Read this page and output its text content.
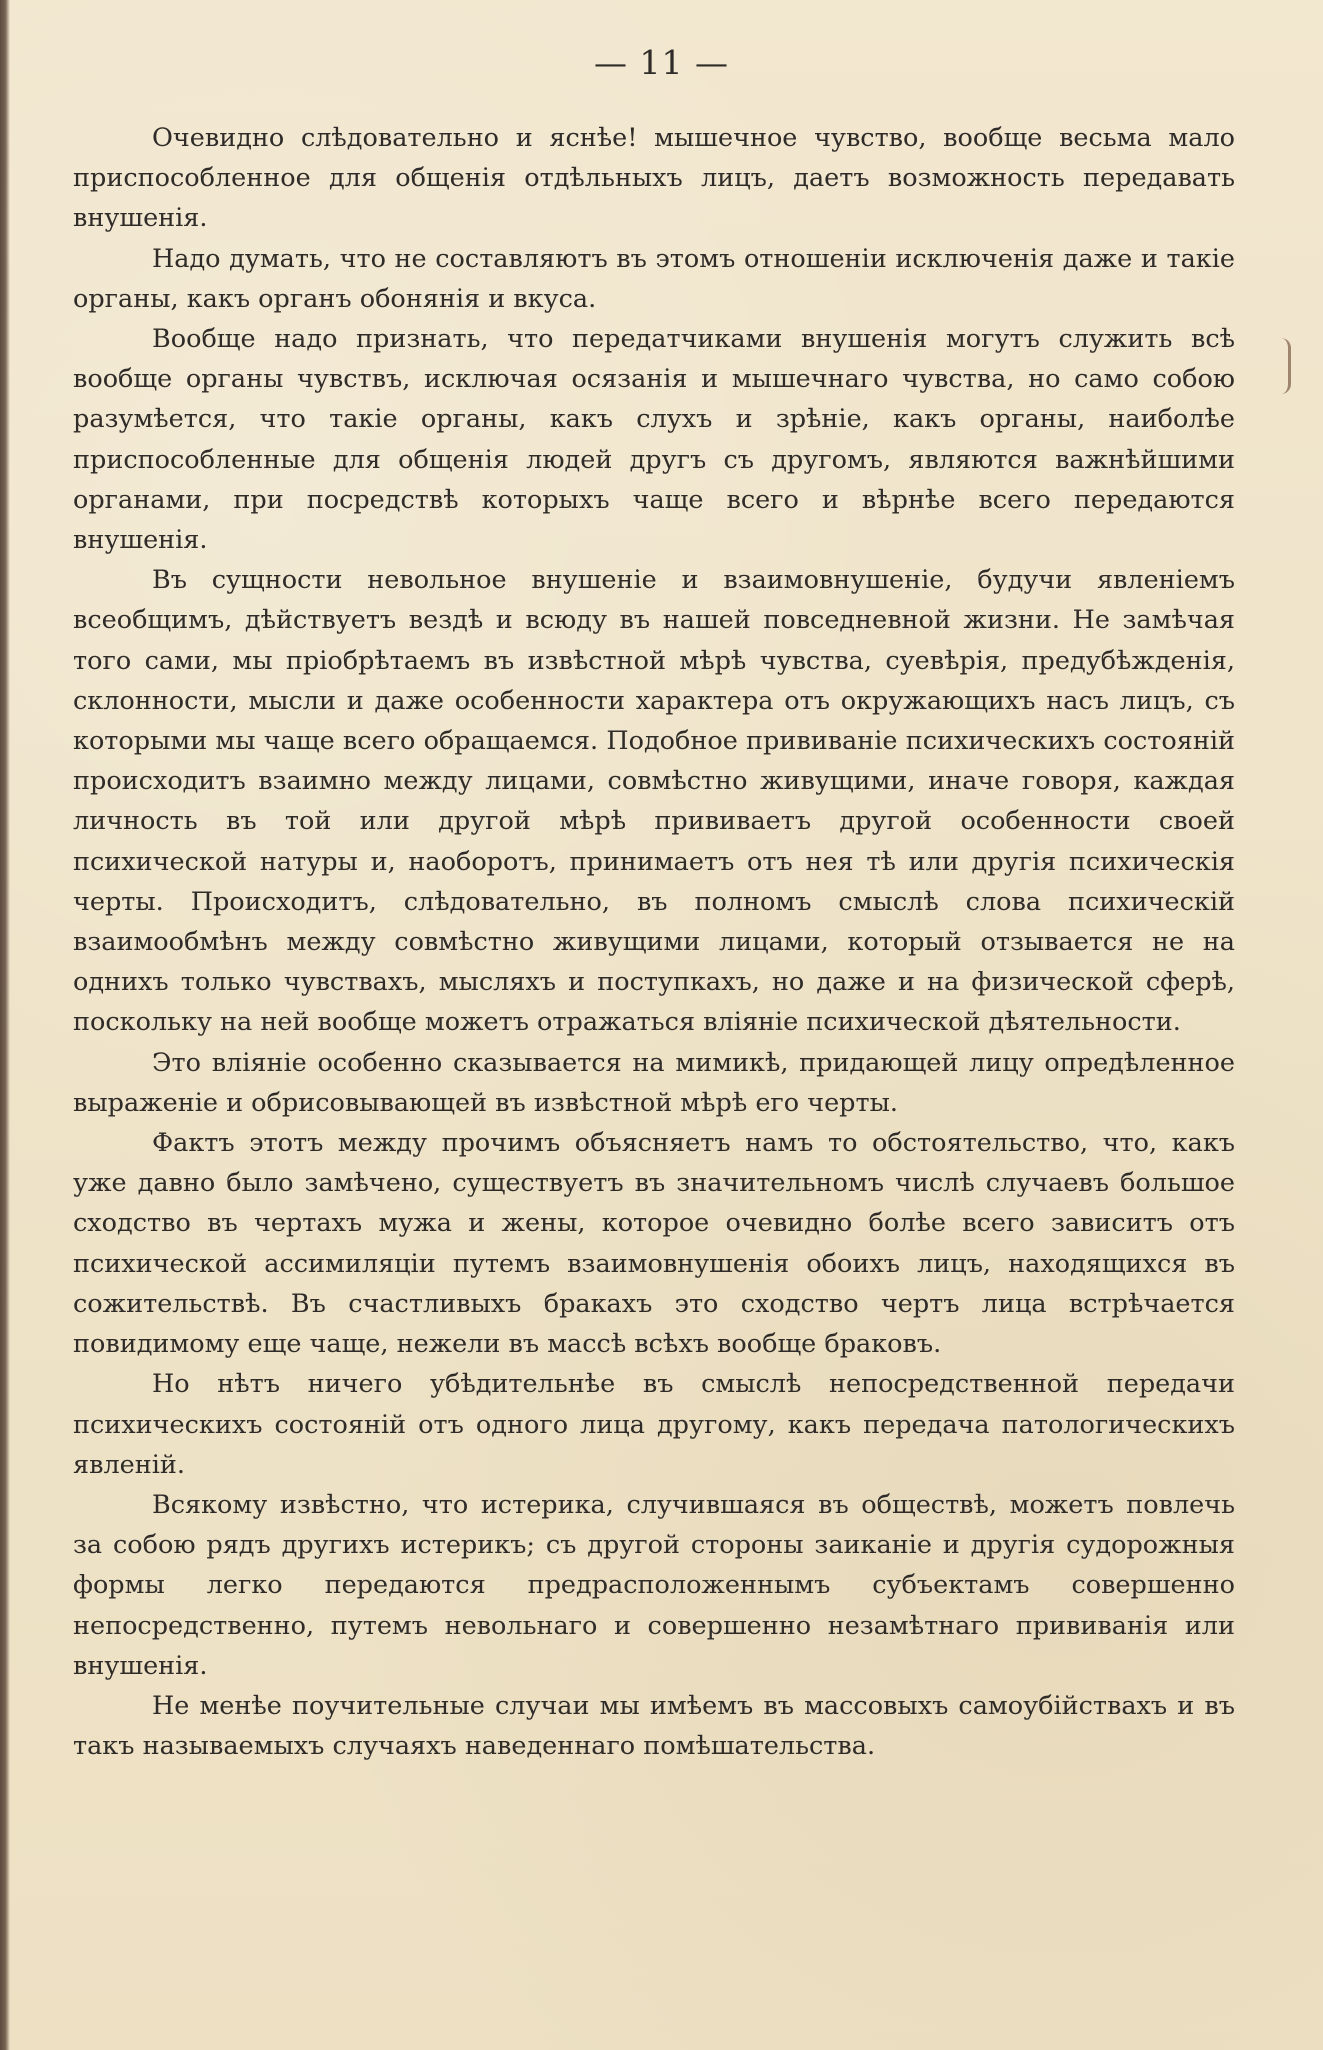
— 11 —

Очевидно слѣдовательно и яснѣе! мышечное чувство, вообще весьма мало приспособленное для общенія отдѣльныхъ лицъ, даетъ возможность передавать внушенія.

Надо думать, что не составляютъ въ этомъ отношеніи исключенія даже и такіе органы, какъ органъ обонянія и вкуса.

Вообще надо признать, что передатчиками внушенія могутъ служить всѣ вообще органы чувствъ, исключая осязанія и мышечнаго чувства, но само собою разумѣется, что такіе органы, какъ слухъ и зрѣніе, какъ органы, наиболѣе приспособленные для общенія людей другъ съ другомъ, являются важнѣйшими органами, при посредствѣ которыхъ чаще всего и вѣрнѣе всего передаются внушенія.

Въ сущности невольное внушеніе и взаимовнушеніе, будучи явленіемъ всеобщимъ, дѣйствуетъ вездѣ и всюду въ нашей повседневной жизни. Не замѣчая того сами, мы пріобрѣтаемъ въ извѣстной мѣрѣ чувства, суевѣрія, предубѣжденія, склонности, мысли и даже особенности характера отъ окружающихъ насъ лицъ, съ которыми мы чаще всего обращаемся. Подобное прививаніе психическихъ состояній происходитъ взаимно между лицами, совмѣстно живущими, иначе говоря, каждая личность въ той или другой мѣрѣ прививаетъ другой особенности своей психической натуры и, наоборотъ, принимаетъ отъ нея тѣ или другія психическія черты. Происходитъ, слѣдовательно, въ полномъ смыслѣ слова психическій взаимообмѣнъ между совмѣстно живущими лицами, который отзывается не на однихъ только чувствахъ, мысляхъ и поступкахъ, но даже и на физической сферѣ, поскольку на ней вообще можетъ отражаться вліяніе психической дѣятельности.

Это вліяніе особенно сказывается на мимикѣ, придающей лицу опредѣленное выраженіе и обрисовывающей въ извѣстной мѣрѣ его черты.

Фактъ этотъ между прочимъ объясняетъ намъ то обстоятельство, что, какъ уже давно было замѣчено, существуетъ въ значительномъ числѣ случаевъ большое сходство въ чертахъ мужа и жены, которое очевидно болѣе всего зависитъ отъ психической ассимиляціи путемъ взаимовнушенія обоихъ лицъ, находящихся въ сожительствѣ. Въ счастливыхъ бракахъ это сходство чертъ лица встрѣчается повидимому еще чаще, нежели въ массѣ всѣхъ вообще браковъ.

Но нѣтъ ничего убѣдительнѣе въ смыслѣ непосредственной передачи психическихъ состояній отъ одного лица другому, какъ передача патологическихъ явленій.

Всякому извѣстно, что истерика, случившаяся въ обществѣ, можетъ повлечь за собою рядъ другихъ истерикъ; съ другой стороны заиканіе и другія судорожныя формы легко передаются предрасположеннымъ субъектамъ совершенно непосредственно, путемъ невольнаго и совершенно незамѣтнаго прививанія или внушенія.

Не менѣе поучительные случаи мы имѣемъ въ массовыхъ самоубійствахъ и въ такъ называемыхъ случаяхъ наведеннаго помѣшательства.
